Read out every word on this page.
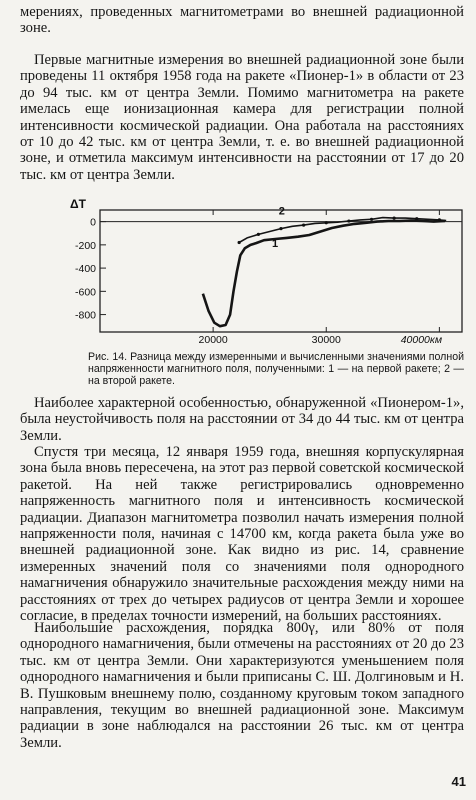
мерениях, проведенных магнитометрами во внешней радиационной зоне.

Первые магнитные измерения во внешней радиационной зоне были проведены 11 октября 1958 года на ракете «Пионер-1» в области от 23 до 94 тыс. км от центра Земли. Помимо магнитометра на ракете имелась еще ионизационная камера для регистрации полной интенсивности космической радиации. Она работала на расстояниях от 10 до 42 тыс. км от центра Земли, т. е. во внешней радиационной зоне, и отметила максимум интенсивности на расстоянии от 17 до 20 тыс. км от центра Земли.

0
-200
-400
-600
-800
20000	30000	40000км
ΔT
1
2

Рис. 14. Разница между измеренными и вычисленными значениями полной напряженности магнитного поля, полученными: 1 — на первой ракете; 2 — на второй ракете.

Наиболее характерной особенностью, обнаруженной «Пионером-1», была неустойчивость поля на расстоянии от 34 до 44 тыс. км от центра Земли.

Спустя три месяца, 12 января 1959 года, внешняя корпускулярная зона была вновь пересечена, на этот раз первой советской космической ракетой. На ней также регистрировались одновременно напряженность магнитного поля и интенсивность космической радиации. Диапазон магнитометра позволил начать измерения полной напряженности поля, начиная с 14700 км, когда ракета была уже во внешней радиационной зоне. Как видно из рис. 14, сравнение измеренных значений поля со значениями поля однородного намагничения обнаружило значительные расхождения между ними на расстояниях от трех до четырех радиусов от центра Земли и хорошее согласие, в пределах точности измерений, на больших расстояниях.

Наибольшие расхождения, порядка 800γ, или 80% от поля однородного намагничения, были отмечены на расстояниях от 20 до 23 тыс. км от центра Земли. Они характеризуются уменьшением поля однородного намагничения и были приписаны С. Ш. Долгиновым и Н. В. Пушковым внешнему полю, созданному круговым током западного направления, текущим во внешней радиационной зоне. Максимум радиации в зоне наблюдался на расстоянии 26 тыс. км от центра Земли.

41
